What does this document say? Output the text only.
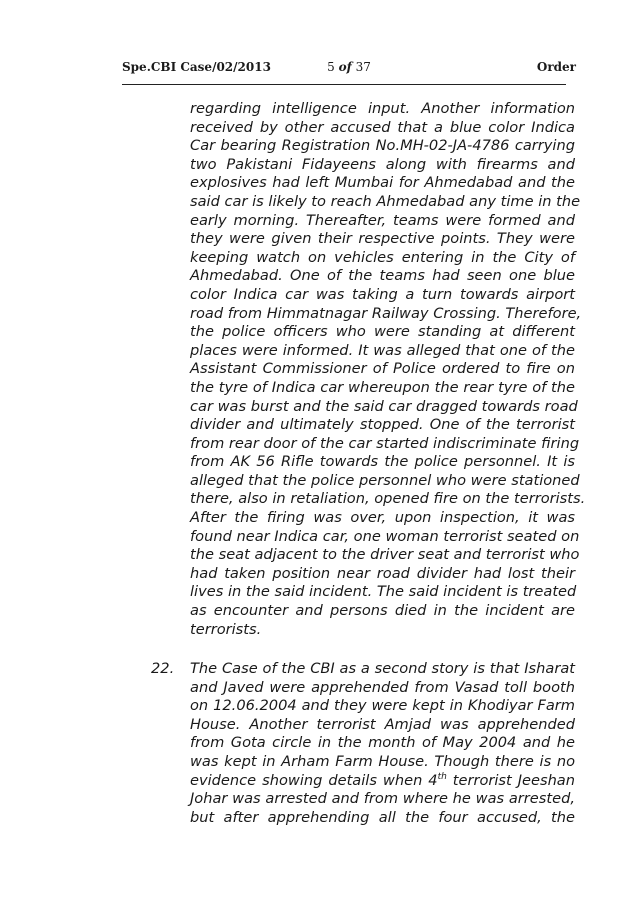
Spe.CBI Case/02/2013	5 of 37	Order
regarding intelligence input. Another information
received by other accused that a blue color Indica
Car bearing Registration No.MH-02-JA-4786 carrying
two Pakistani Fidayeens along with firearms and
explosives had left Mumbai for Ahmedabad and the
said car is likely to reach Ahmedabad any time in the
early morning. Thereafter, teams were formed and
they were given their respective points. They were
keeping watch on vehicles entering in the City of
Ahmedabad. One of the teams had seen one blue
color Indica car was taking a turn towards airport
road from Himmatnagar Railway Crossing. Therefore,
the police officers who were standing at different
places were informed. It was alleged that one of the
Assistant Commissioner of Police ordered to fire on
the tyre of Indica car whereupon the rear tyre of the
car was burst and the said car dragged towards road
divider and ultimately stopped. One of the terrorist
from rear door of the car started indiscriminate firing
from AK 56 Rifle towards the police personnel. It is
alleged that the police personnel who were stationed
there, also in retaliation, opened fire on the terrorists.
After the firing was over, upon inspection, it was
found near Indica car, one woman terrorist seated on
the seat adjacent to the driver seat and terrorist who
had taken position near road divider had lost their
lives in the said incident. The said incident is treated
as encounter and persons died in the incident are
terrorists.
22. The Case of the CBI as a second story is that Isharat
and Javed were apprehended from Vasad toll booth
on 12.06.2004 and they were kept in Khodiyar Farm
House. Another terrorist Amjad was apprehended
from Gota circle in the month of May 2004 and he
was kept in Arham Farm House. Though there is no
evidence showing details when 4th terrorist Jeeshan
Johar was arrested and from where he was arrested,
but after apprehending all the four accused, the
